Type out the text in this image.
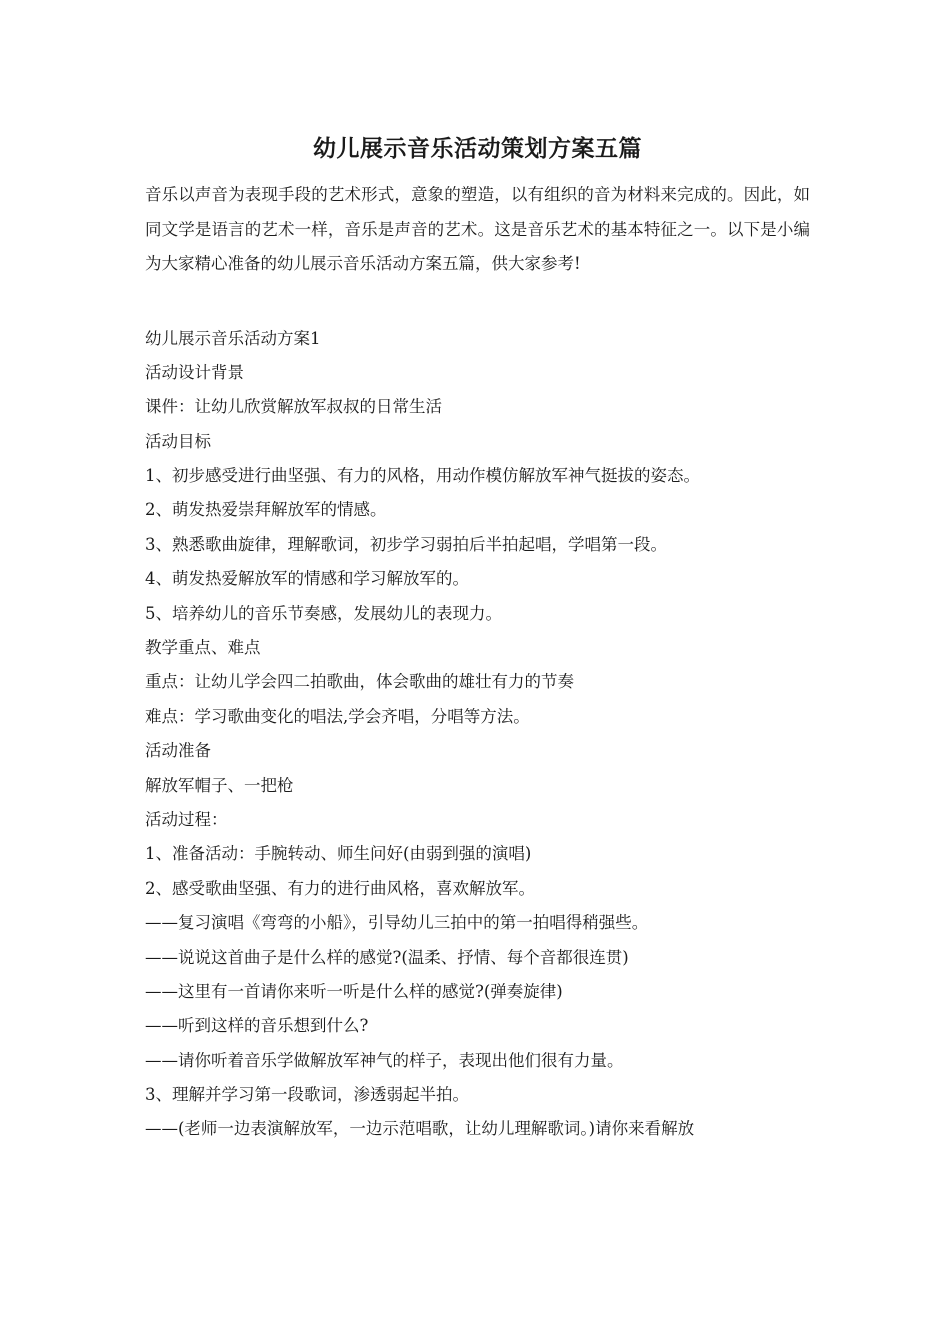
幼儿展示音乐活动策划方案五篇

音乐以声音为表现手段的艺术形式，意象的塑造，以有组织的音为材料来完成的。因此，如同文学是语言的艺术一样，音乐是声音的艺术。这是音乐艺术的基本特征之一。以下是小编为大家精心准备的幼儿展示音乐活动方案五篇，供大家参考!

幼儿展示音乐活动方案1
活动设计背景
课件：让幼儿欣赏解放军叔叔的日常生活
活动目标
1、初步感受进行曲坚强、有力的风格，用动作模仿解放军神气挺拔的姿态。
2、萌发热爱崇拜解放军的情感。
3、熟悉歌曲旋律，理解歌词，初步学习弱拍后半拍起唱，学唱第一段。
4、萌发热爱解放军的情感和学习解放军的。
5、培养幼儿的音乐节奏感，发展幼儿的表现力。
教学重点、难点
重点：让幼儿学会四二拍歌曲，体会歌曲的雄壮有力的节奏
难点：学习歌曲变化的唱法,学会齐唱，分唱等方法。
活动准备
解放军帽子、一把枪
活动过程：
1、准备活动：手腕转动、师生问好(由弱到强的演唱)
2、感受歌曲坚强、有力的进行曲风格，喜欢解放军。
——复习演唱《弯弯的小船》，引导幼儿三拍中的第一拍唱得稍强些。
——说说这首曲子是什么样的感觉?(温柔、抒情、每个音都很连贯)
——这里有一首请你来听一听是什么样的感觉?(弹奏旋律)
——听到这样的音乐想到什么?
——请你听着音乐学做解放军神气的样子，表现出他们很有力量。
3、理解并学习第一段歌词，渗透弱起半拍。
——(老师一边表演解放军，一边示范唱歌，让幼儿理解歌词。)请你来看解放
